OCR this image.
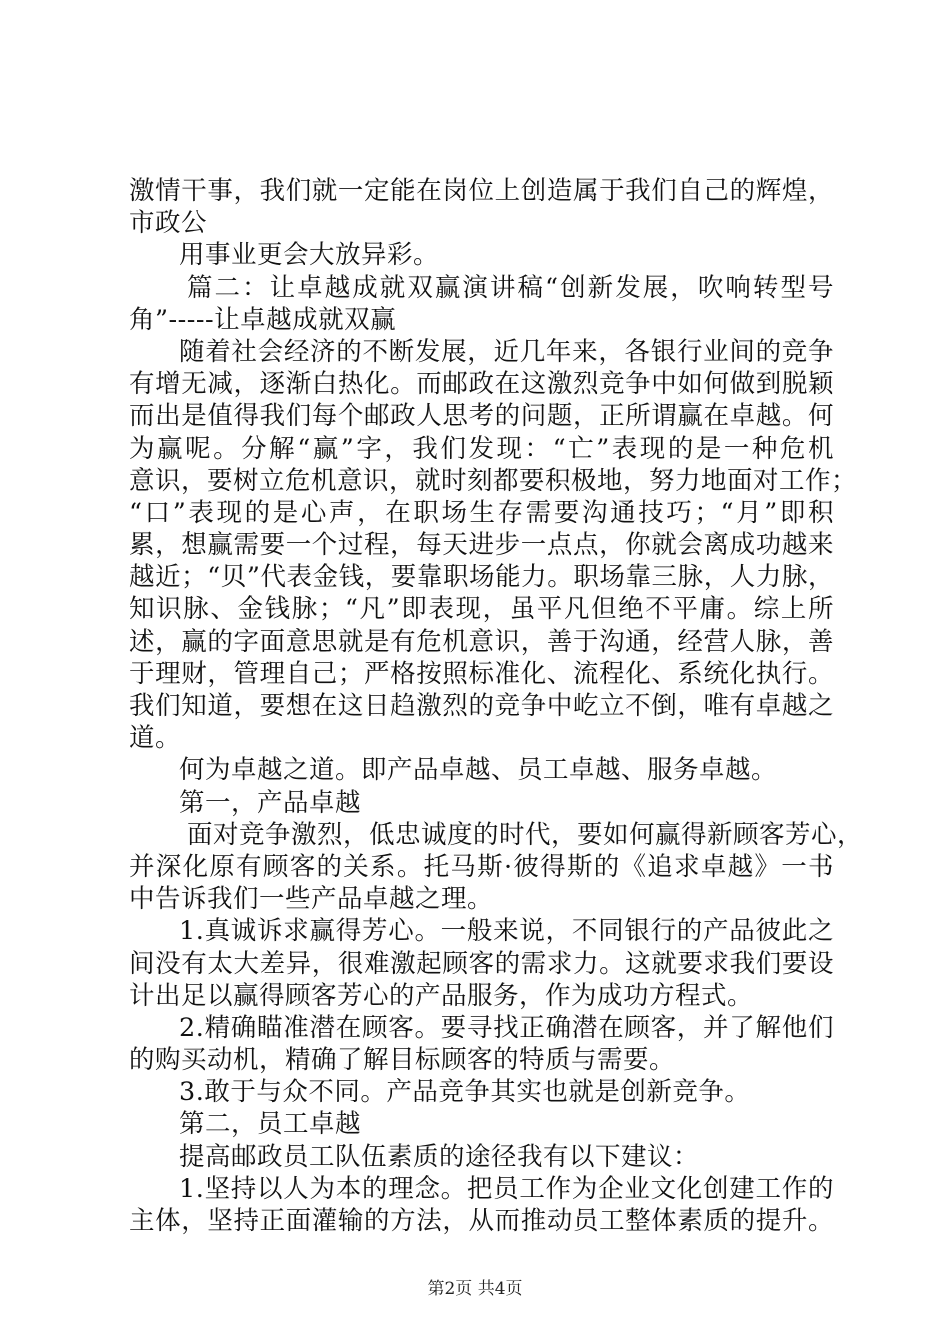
激情干事，我们就一定能在岗位上创造属于我们自己的辉煌，
市政公
用事业更会大放异彩。
篇二：让卓越成就双赢演讲稿“创新发展，吹响转型号
角”-----让卓越成就双赢
随着社会经济的不断发展，近几年来，各银行业间的竞争
有增无减，逐渐白热化。而邮政在这激烈竞争中如何做到脱颖
而出是值得我们每个邮政人思考的问题，正所谓赢在卓越。何
为赢呢。分解“赢”字，我们发现：“亡”表现的是一种危机
意识，要树立危机意识，就时刻都要积极地，努力地面对工作；
“口”表现的是心声，在职场生存需要沟通技巧；“月”即积
累，想赢需要一个过程，每天进步一点点，你就会离成功越来
越近；“贝”代表金钱，要靠职场能力。职场靠三脉，人力脉，
知识脉、金钱脉；“凡”即表现，虽平凡但绝不平庸。综上所
述，赢的字面意思就是有危机意识，善于沟通，经营人脉，善
于理财，管理自己；严格按照标准化、流程化、系统化执行。
我们知道，要想在这日趋激烈的竞争中屹立不倒，唯有卓越之
道。
何为卓越之道。即产品卓越、员工卓越、服务卓越。
第一，产品卓越
面对竞争激烈，低忠诚度的时代，要如何赢得新顾客芳心，
并深化原有顾客的关系。托马斯·彼得斯的《追求卓越》一书
中告诉我们一些产品卓越之理。
1.真诚诉求赢得芳心。一般来说，不同银行的产品彼此之
间没有太大差异，很难激起顾客的需求力。这就要求我们要设
计出足以赢得顾客芳心的产品服务，作为成功方程式。
2.精确瞄准潜在顾客。要寻找正确潜在顾客，并了解他们
的购买动机，精确了解目标顾客的特质与需要。
3.敢于与众不同。产品竞争其实也就是创新竞争。
第二，员工卓越
提高邮政员工队伍素质的途径我有以下建议：
1.坚持以人为本的理念。把员工作为企业文化创建工作的
主体，坚持正面灌输的方法，从而推动员工整体素质的提升。
第2页 共4页
